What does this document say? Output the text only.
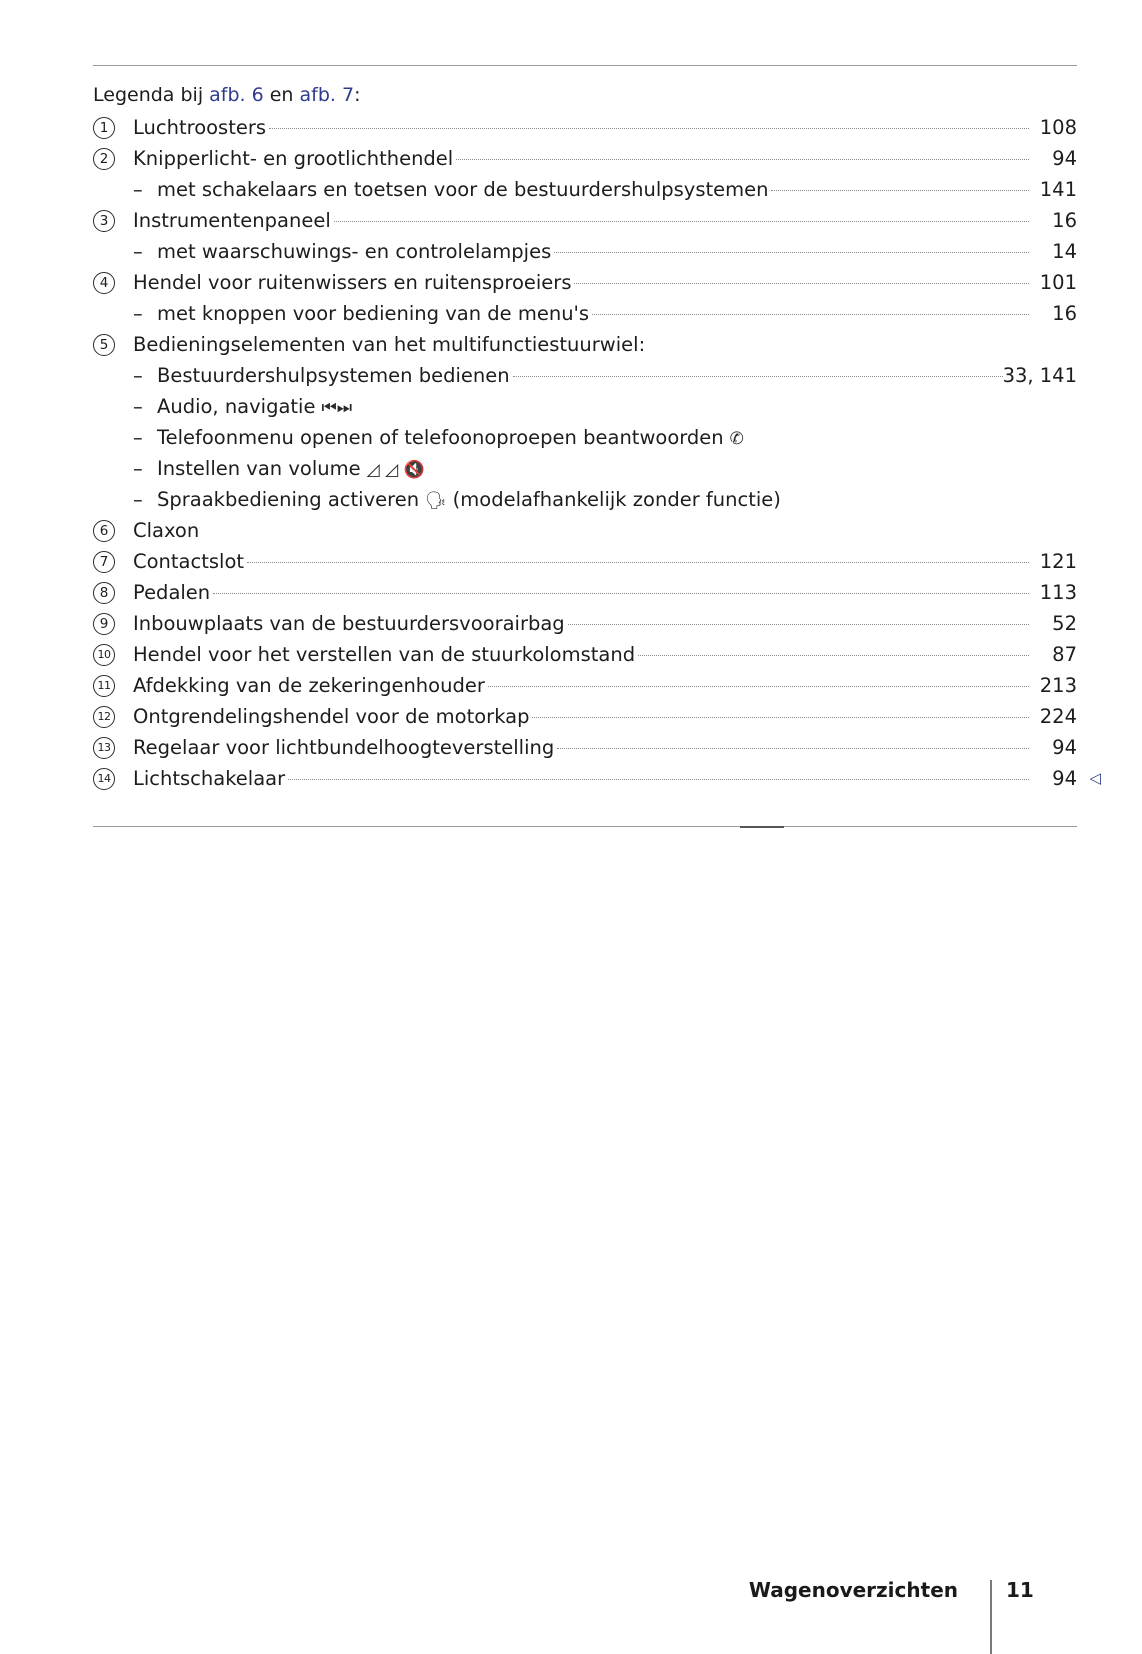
Legenda bij afb. 6 en afb. 7:
1	Luchtroosters	108
2	Knipperlicht- en grootlichthendel	94
– met schakelaars en toetsen voor de bestuurdershulpsystemen	141
3	Instrumentenpaneel	16
– met waarschuwings- en controlelampjes	14
4	Hendel voor ruitenwissers en ruitensproeiers	101
– met knoppen voor bediening van de menu's	16
5	Bedieningselementen van het multifunctiestuurwiel:
– Bestuurdershulpsystemen bedienen	33, 141
– Audio, navigatie ⏮⏭
– Telefoonmenu openen of telefoonoproepen beantwoorden ✆
– Instellen van volume ◿ ◿ 🔇
– Spraakbediening activeren 🗣 (modelafhankelijk zonder functie)
6	Claxon
7	Contactslot	121
8	Pedalen	113
9	Inbouwplaats van de bestuurdersvoorairbag	52
10 Hendel voor het verstellen van de stuurkolomstand	87
11 Afdekking van de zekeringenhouder	213
12 Ontgrendelingshendel voor de motorkap	224
13 Regelaar voor lichtbundelhoogteverstelling	94
14 Lichtschakelaar	94 ◁
Wagenoverzichten 11
